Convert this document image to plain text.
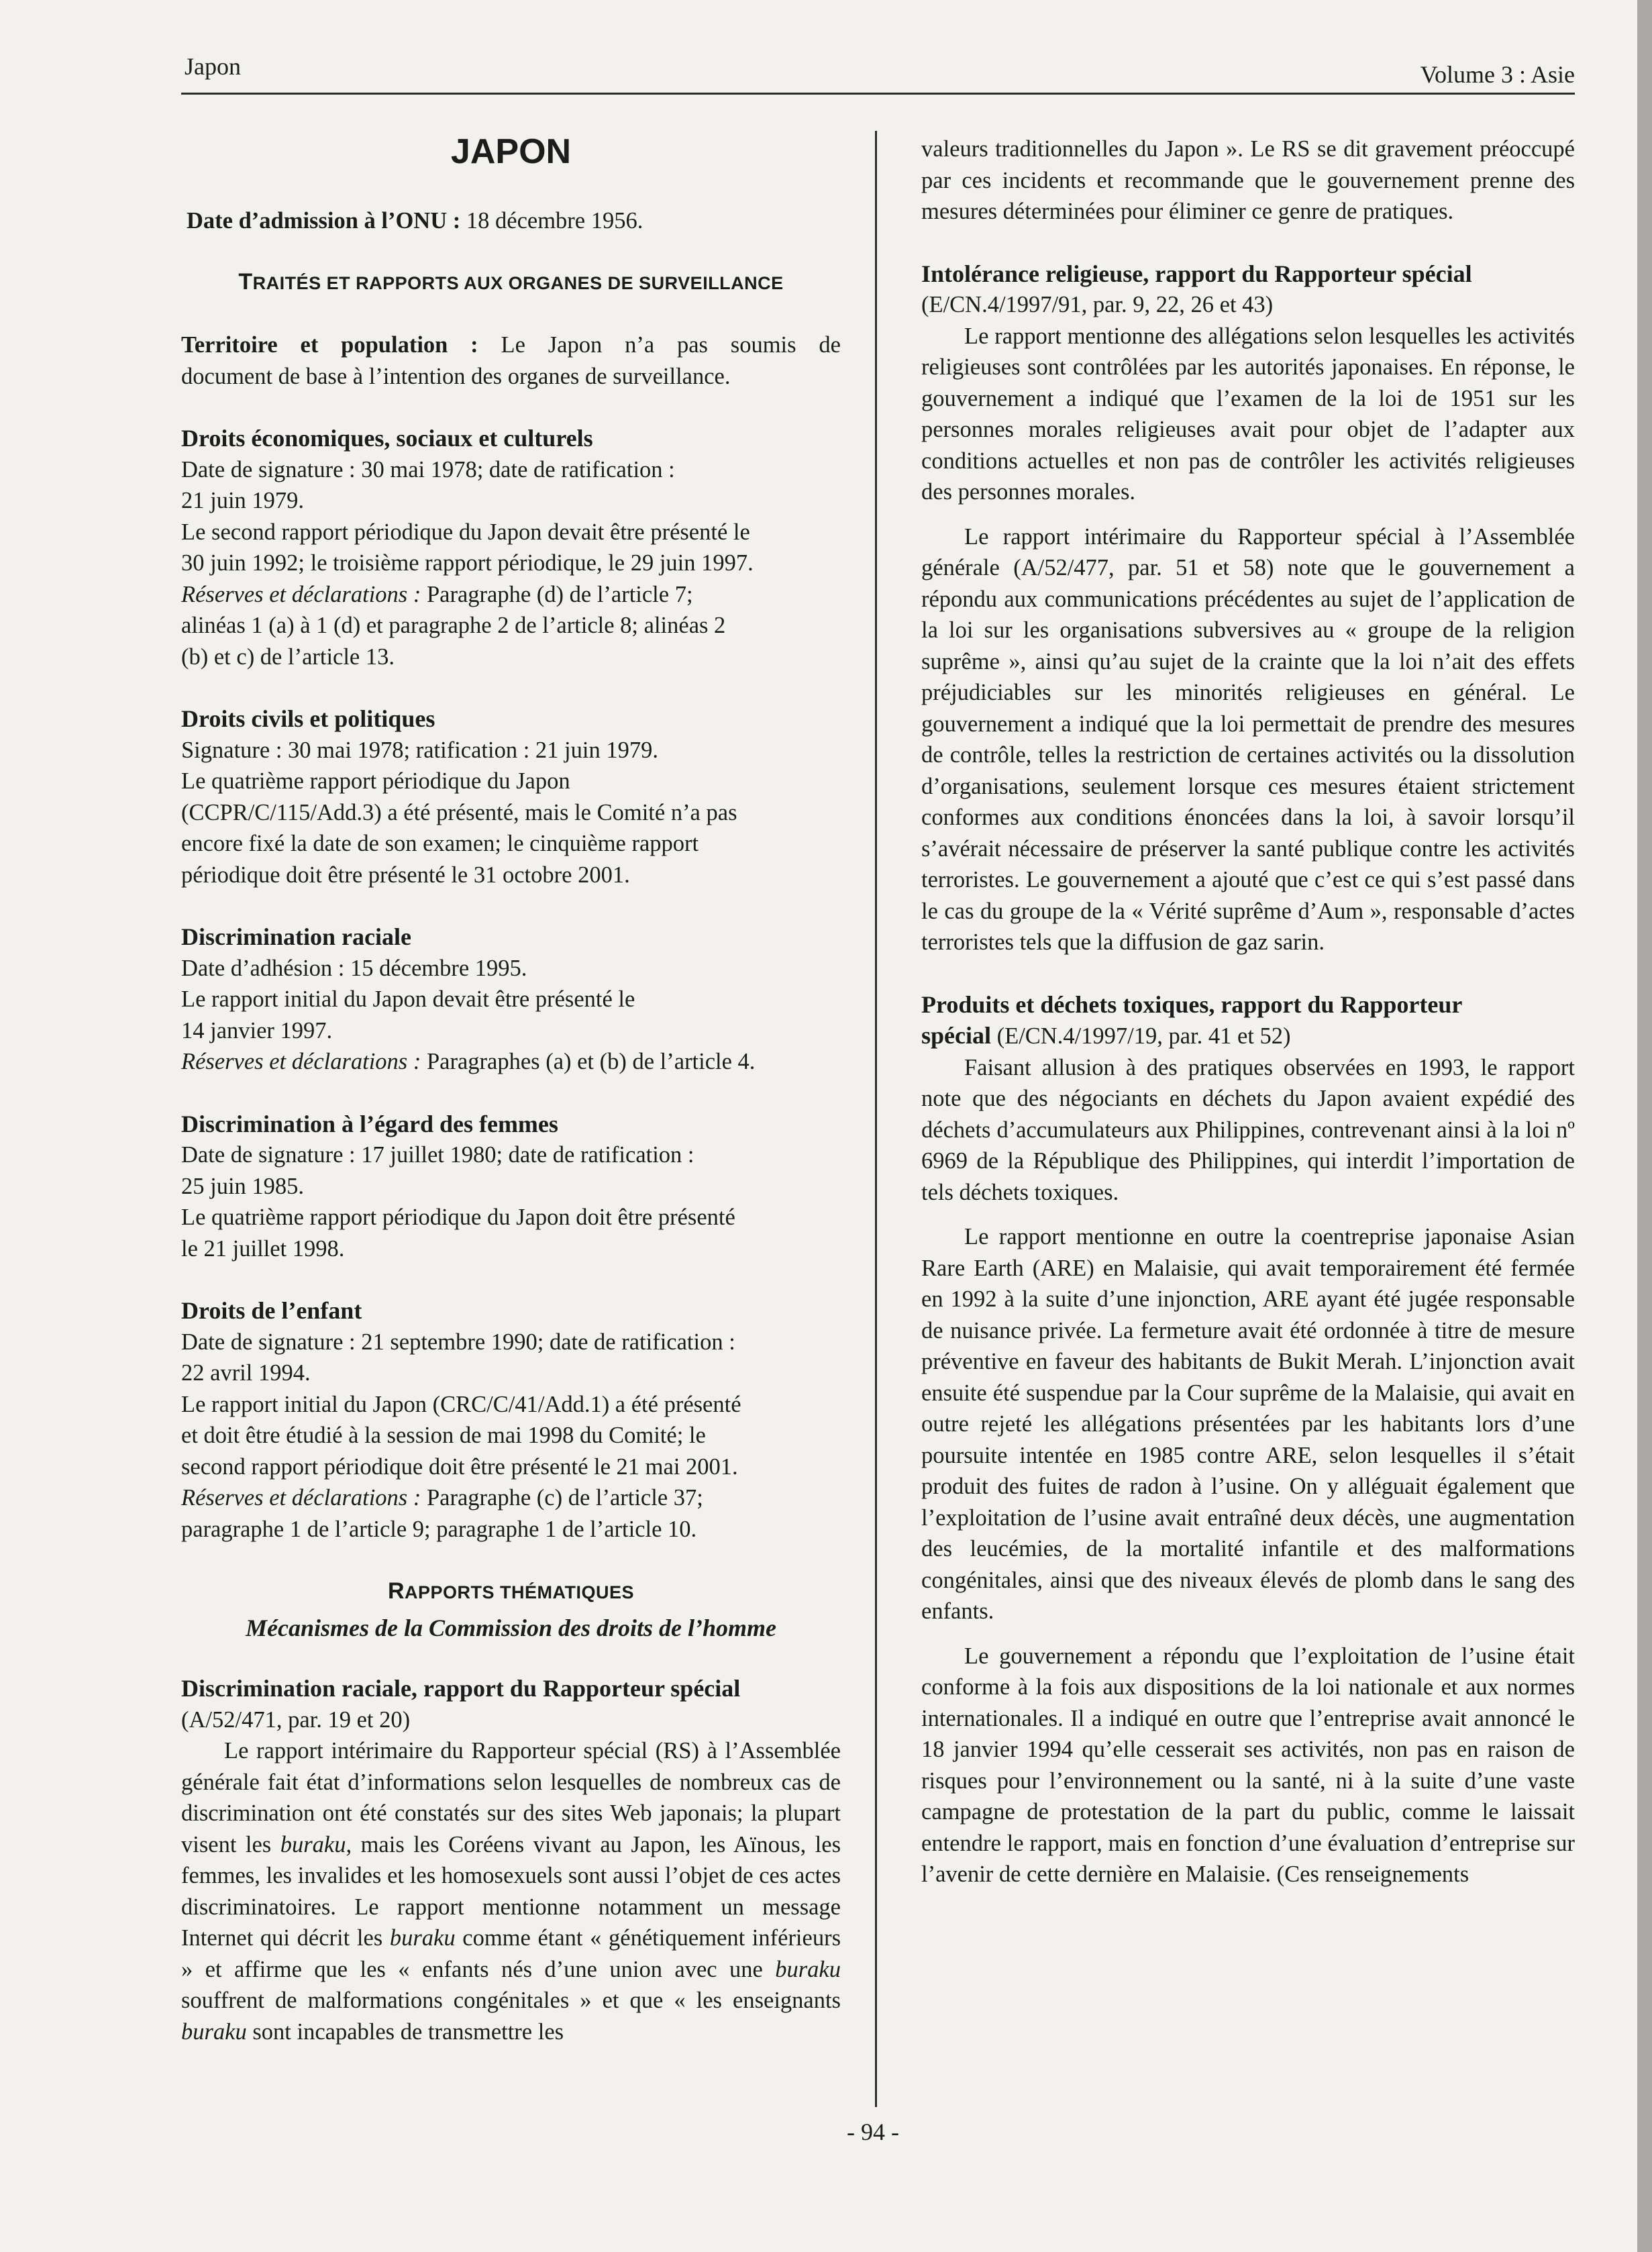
Japon	Volume 3 : Asie
JAPON
Date d’admission à l’ONU : 18 décembre 1956.
TRAITÉS ET RAPPORTS AUX ORGANES DE SURVEILLANCE
Territoire et population : Le Japon n’a pas soumis de
document de base à l’intention des organes de surveillance.
Droits économiques, sociaux et culturels
Date de signature : 30 mai 1978; date de ratification :
21 juin 1979.
Le second rapport périodique du Japon devait être présenté le
30 juin 1992; le troisième rapport périodique, le 29 juin 1997.
Réserves et déclarations : Paragraphe (d) de l’article 7;
alinéas 1 (a) à 1 (d) et paragraphe 2 de l’article 8; alinéas 2
(b) et c) de l’article 13.
Droits civils et politiques
Signature : 30 mai 1978; ratification : 21 juin 1979.
Le quatrième rapport périodique du Japon
(CCPR/C/115/Add.3) a été présenté, mais le Comité n’a pas
encore fixé la date de son examen; le cinquième rapport
périodique doit être présenté le 31 octobre 2001.
Discrimination raciale
Date d’adhésion : 15 décembre 1995.
Le rapport initial du Japon devait être présenté le
14 janvier 1997.
Réserves et déclarations : Paragraphes (a) et (b) de l’article 4.
Discrimination à l’égard des femmes
Date de signature : 17 juillet 1980; date de ratification :
25 juin 1985.
Le quatrième rapport périodique du Japon doit être présenté
le 21 juillet 1998.
Droits de l’enfant
Date de signature : 21 septembre 1990; date de ratification :
22 avril 1994.
Le rapport initial du Japon (CRC/C/41/Add.1) a été présenté
et doit être étudié à la session de mai 1998 du Comité; le
second rapport périodique doit être présenté le 21 mai 2001.
Réserves et déclarations : Paragraphe (c) de l’article 37;
paragraphe 1 de l’article 9; paragraphe 1 de l’article 10.
RAPPORTS THÉMATIQUES
Mécanismes de la Commission des droits de l’homme
Discrimination raciale, rapport du Rapporteur spécial
(A/52/471, par. 19 et 20)
Le rapport intérimaire du Rapporteur spécial (RS) à l’Assemblée générale fait état d’informations selon lesquelles de nombreux cas de discrimination ont été constatés sur des sites Web japonais; la plupart visent les buraku, mais les Coréens vivant au Japon, les Aïnous, les femmes, les invalides et les homosexuels sont aussi l’objet de ces actes discriminatoires. Le rapport mentionne notamment un message Internet qui décrit les buraku comme étant « génétiquement inférieurs » et affirme que les « enfants nés d’une union avec une buraku souffrent de malformations congénitales » et que « les enseignants buraku sont incapables de transmettre les
valeurs traditionnelles du Japon ». Le RS se dit gravement préoccupé par ces incidents et recommande que le gouvernement prenne des mesures déterminées pour éliminer ce genre de pratiques.
Intolérance religieuse, rapport du Rapporteur spécial
(E/CN.4/1997/91, par. 9, 22, 26 et 43)
Le rapport mentionne des allégations selon lesquelles les activités religieuses sont contrôlées par les autorités japonaises. En réponse, le gouvernement a indiqué que l’examen de la loi de 1951 sur les personnes morales religieuses avait pour objet de l’adapter aux conditions actuelles et non pas de contrôler les activités religieuses des personnes morales.
Le rapport intérimaire du Rapporteur spécial à l’Assemblée générale (A/52/477, par. 51 et 58) note que le gouvernement a répondu aux communications précédentes au sujet de l’application de la loi sur les organisations subversives au « groupe de la religion suprême », ainsi qu’au sujet de la crainte que la loi n’ait des effets préjudiciables sur les minorités religieuses en général. Le gouvernement a indiqué que la loi permettait de prendre des mesures de contrôle, telles la restriction de certaines activités ou la dissolution d’organisations, seulement lorsque ces mesures étaient strictement conformes aux conditions énoncées dans la loi, à savoir lorsqu’il s’avérait nécessaire de préserver la santé publique contre les activités terroristes. Le gouvernement a ajouté que c’est ce qui s’est passé dans le cas du groupe de la « Vérité suprême d’Aum », responsable d’actes terroristes tels que la diffusion de gaz sarin.
Produits et déchets toxiques, rapport du Rapporteur
spécial (E/CN.4/1997/19, par. 41 et 52)
Faisant allusion à des pratiques observées en 1993, le rapport note que des négociants en déchets du Japon avaient expédié des déchets d’accumulateurs aux Philippines, contrevenant ainsi à la loi nº 6969 de la République des Philippines, qui interdit l’importation de tels déchets toxiques.
Le rapport mentionne en outre la coentreprise japonaise Asian Rare Earth (ARE) en Malaisie, qui avait temporairement été fermée en 1992 à la suite d’une injonction, ARE ayant été jugée responsable de nuisance privée. La fermeture avait été ordonnée à titre de mesure préventive en faveur des habitants de Bukit Merah. L’injonction avait ensuite été suspendue par la Cour suprême de la Malaisie, qui avait en outre rejeté les allégations présentées par les habitants lors d’une poursuite intentée en 1985 contre ARE, selon lesquelles il s’était produit des fuites de radon à l’usine. On y alléguait également que l’exploitation de l’usine avait entraîné deux décès, une augmentation des leucémies, de la mortalité infantile et des malformations congénitales, ainsi que des niveaux élevés de plomb dans le sang des enfants.
Le gouvernement a répondu que l’exploitation de l’usine était conforme à la fois aux dispositions de la loi nationale et aux normes internationales. Il a indiqué en outre que l’entreprise avait annoncé le 18 janvier 1994 qu’elle cesserait ses activités, non pas en raison de risques pour l’environnement ou la santé, ni à la suite d’une vaste campagne de protestation de la part du public, comme le laissait entendre le rapport, mais en fonction d’une évaluation d’entreprise sur l’avenir de cette dernière en Malaisie. (Ces renseignements
- 94 -
